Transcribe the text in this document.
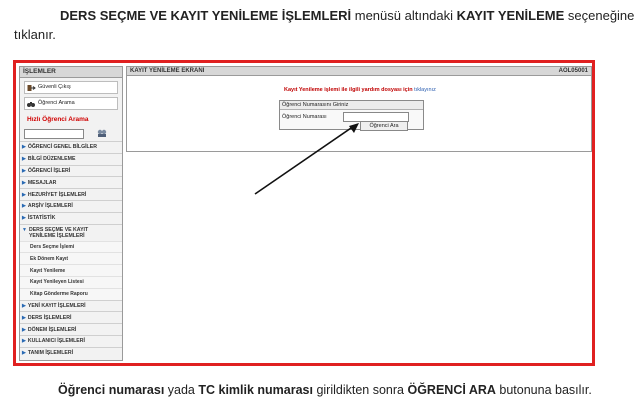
DERS SEÇME VE KAYIT YENİLEME İŞLEMLERİ menüsü altındaki KAYIT YENİLEME seçeneğine
tıklanır.
İŞLEMLER
Güvenli Çıkış
Öğrenci Arama
Hızlı Öğrenci Arama
▶ ÖĞRENCİ GENEL BİLGİLER
▶ BİLGİ DÜZENLEME
▶ ÖĞRENCİ İŞLERİ
▶ MESAJLAR
▶ HEZURİYET İŞLEMLERİ
▶ ARŞİV İŞLEMLERİ
▶ İSTATİSTİK
▼ DERS SEÇME VE KAYIT YENİLEME İŞLEMLERİ
Ders Seçme İşlemi
Ek Dönem Kayıt
Kayıt Yenileme
Kayıt Yenileyen Listesi
Kitap Gönderme Raporu
▶ YENİ KAYIT İŞLEMLERİ
▶ DERS İŞLEMLERİ
▶ DÖNEM İŞLEMLERİ
▶ KULLANICI İŞLEMLERİ
▶ TANIM İŞLEMLERİ
KAYIT YENİLEME EKRANI	AOL05001
Kayıt Yenileme işlemi ile ilgili yardım dosyası için tıklayınız
Öğrenci Numarasını Giriniz
Öğrenci Numarası
Öğrenci Ara
Öğrenci numarası yada TC kimlik numarası girildikten sonra ÖĞRENCİ ARA butonuna basılır.
